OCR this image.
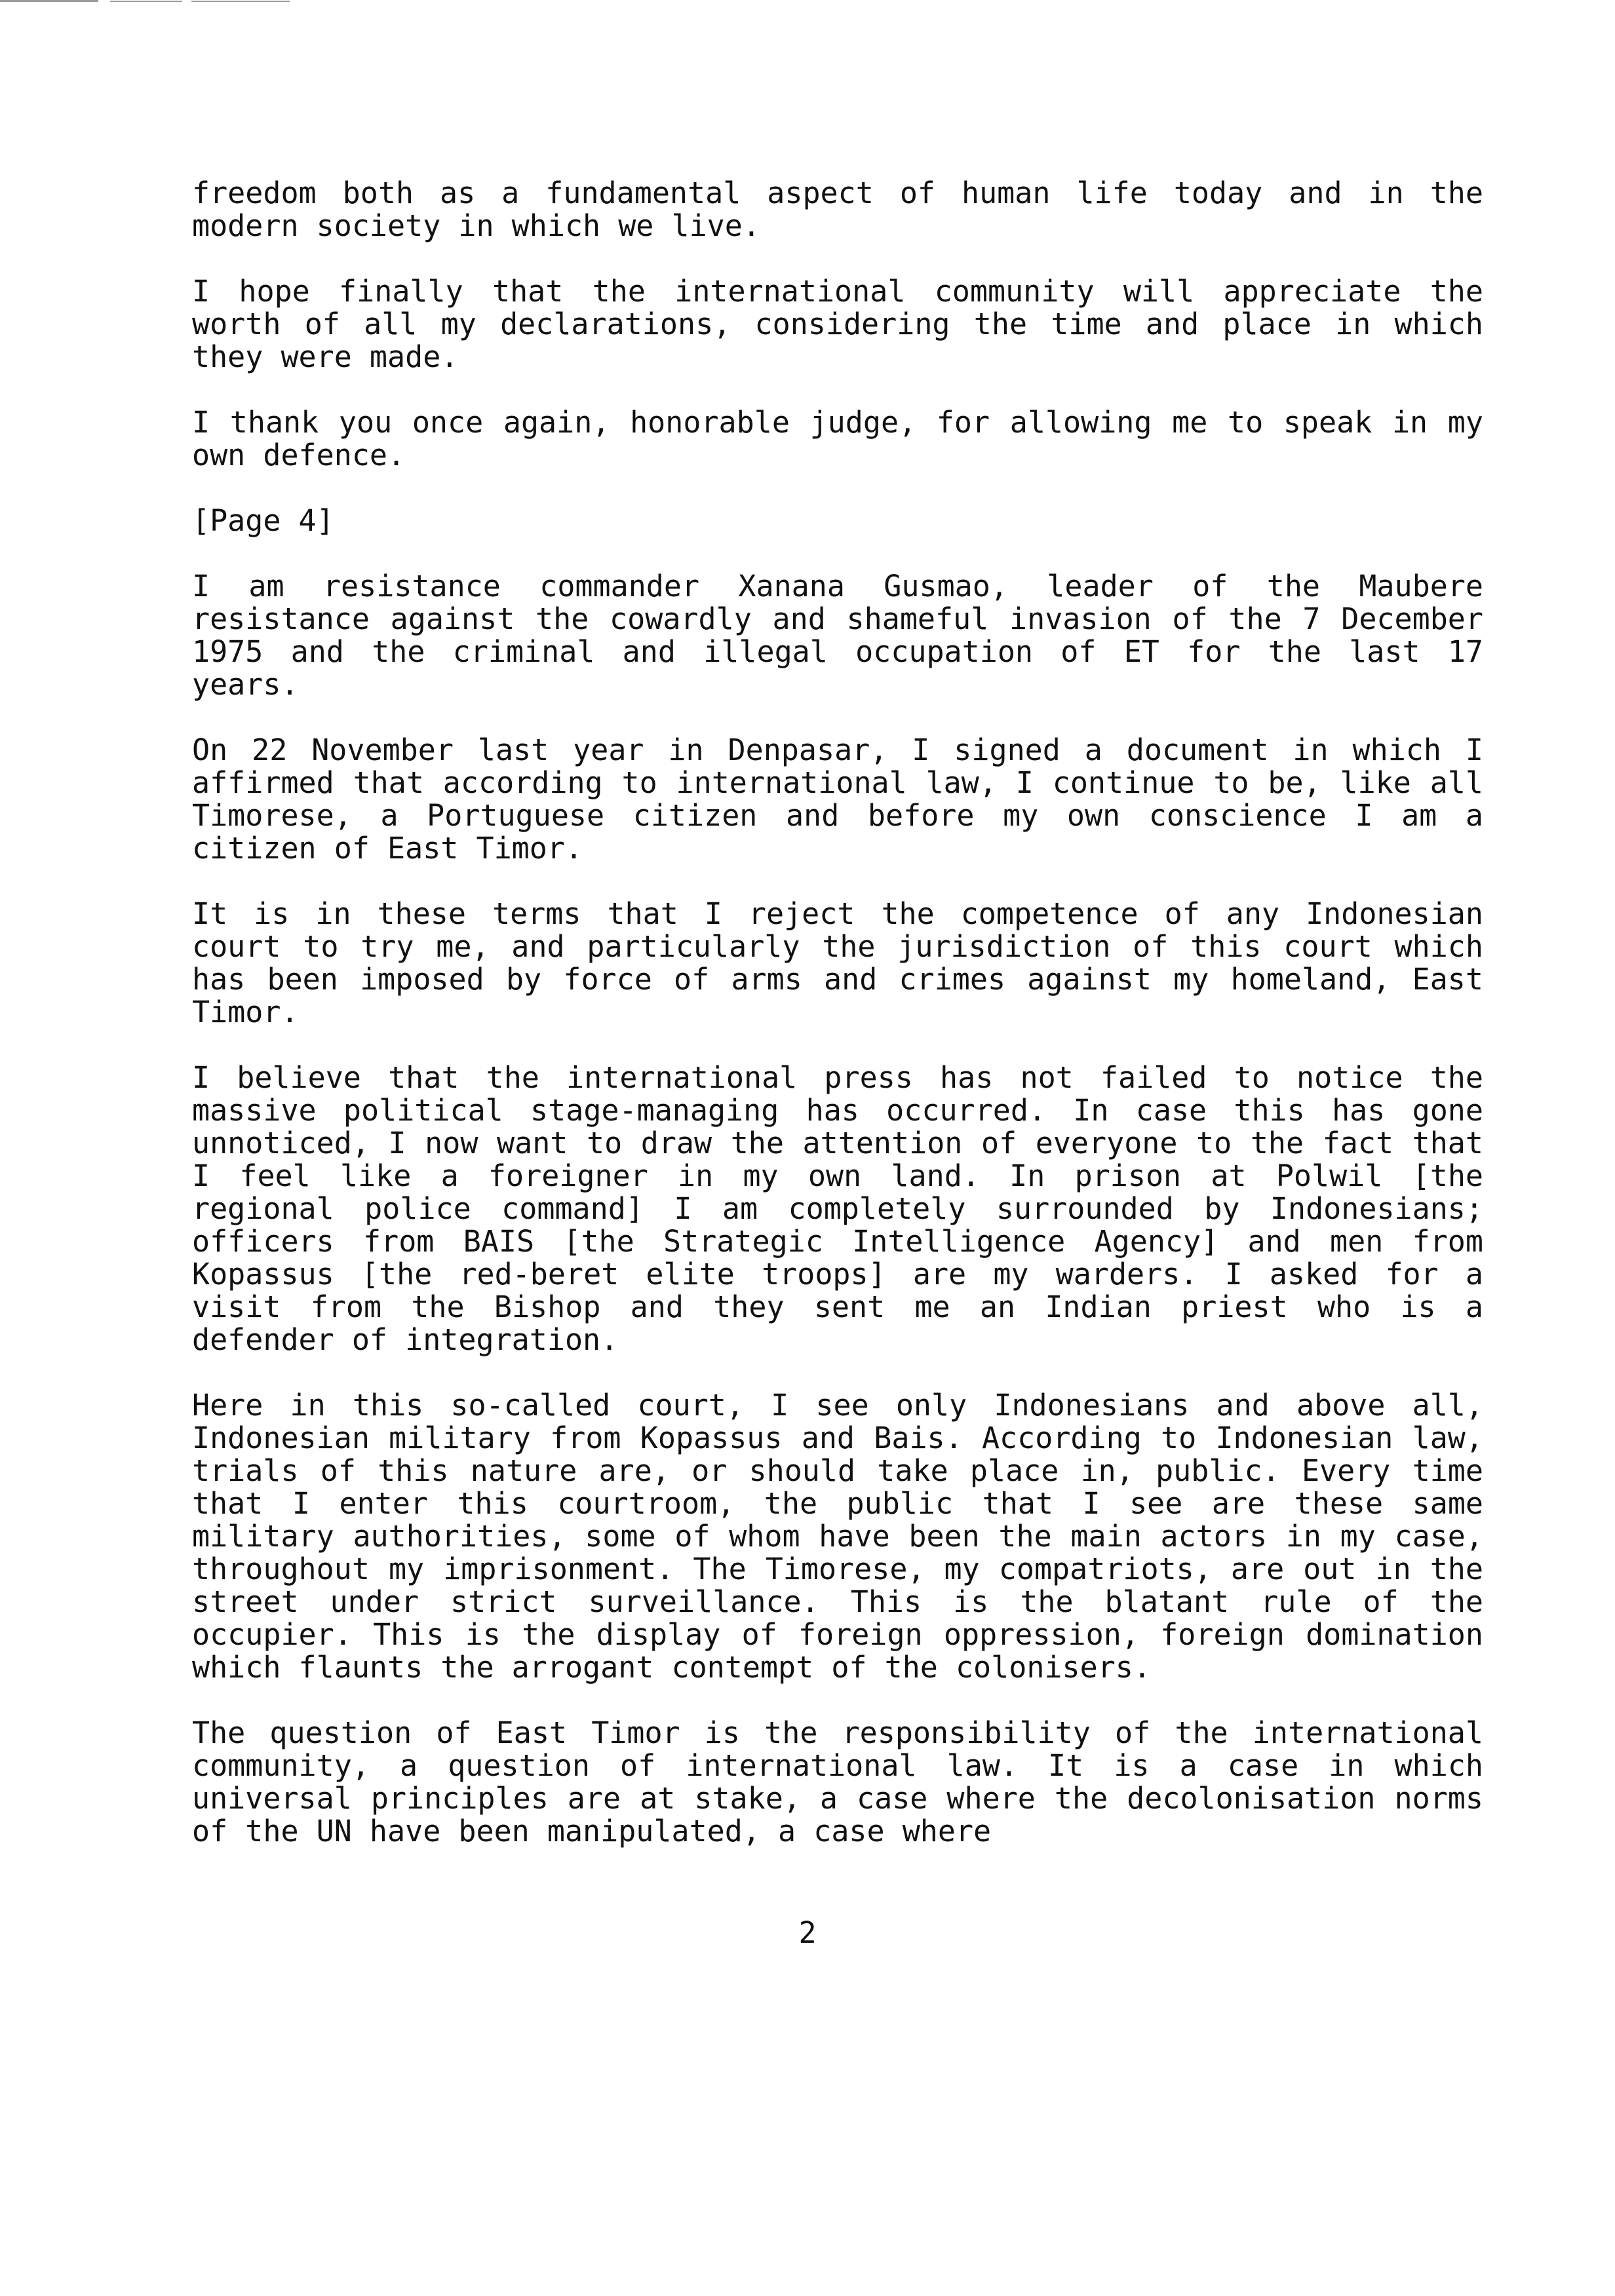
freedom both as a fundamental aspect of human life today and in the modern society in which we live.

I hope finally that the international community will appreciate the worth of all my declarations, considering the time and place in which they were made.

I thank you once again, honorable judge, for allowing me to speak in my own defence.

[Page 4]

I am resistance commander Xanana Gusmao, leader of the Maubere resistance against the cowardly and shameful invasion of the 7 December 1975 and the criminal and illegal occupation of ET for the last 17 years.

On 22 November last year in Denpasar, I signed a document in which I affirmed that according to international law, I continue to be, like all Timorese, a Portuguese citizen and before my own conscience I am a citizen of East Timor.

It is in these terms that I reject the competence of any Indonesian court to try me, and particularly the jurisdiction of this court which has been imposed by force of arms and crimes against my homeland, East Timor.

I believe that the international press has not failed to notice the massive political stage-managing has occurred. In case this has gone unnoticed, I now want to draw the attention of everyone to the fact that I feel like a foreigner in my own land. In prison at Polwil [the regional police command] I am completely surrounded by Indonesians; officers from BAIS [the Strategic Intelligence Agency] and men from Kopassus [the red-beret elite troops] are my warders. I asked for a visit from the Bishop and they sent me an Indian priest who is a defender of integration.

Here in this so-called court, I see only Indonesians and above all, Indonesian military from Kopassus and Bais. According to Indonesian law, trials of this nature are, or should take place in, public. Every time that I enter this courtroom, the public that I see are these same military authorities, some of whom have been the main actors in my case, throughout my imprisonment. The Timorese, my compatriots, are out in the street under strict surveillance. This is the blatant rule of the occupier. This is the display of foreign oppression, foreign domination which flaunts the arrogant contempt of the colonisers.

The question of East Timor is the responsibility of the international community, a question of international law. It is a case in which universal principles are at stake, a case where the decolonisation norms of the UN have been manipulated, a case where

2
